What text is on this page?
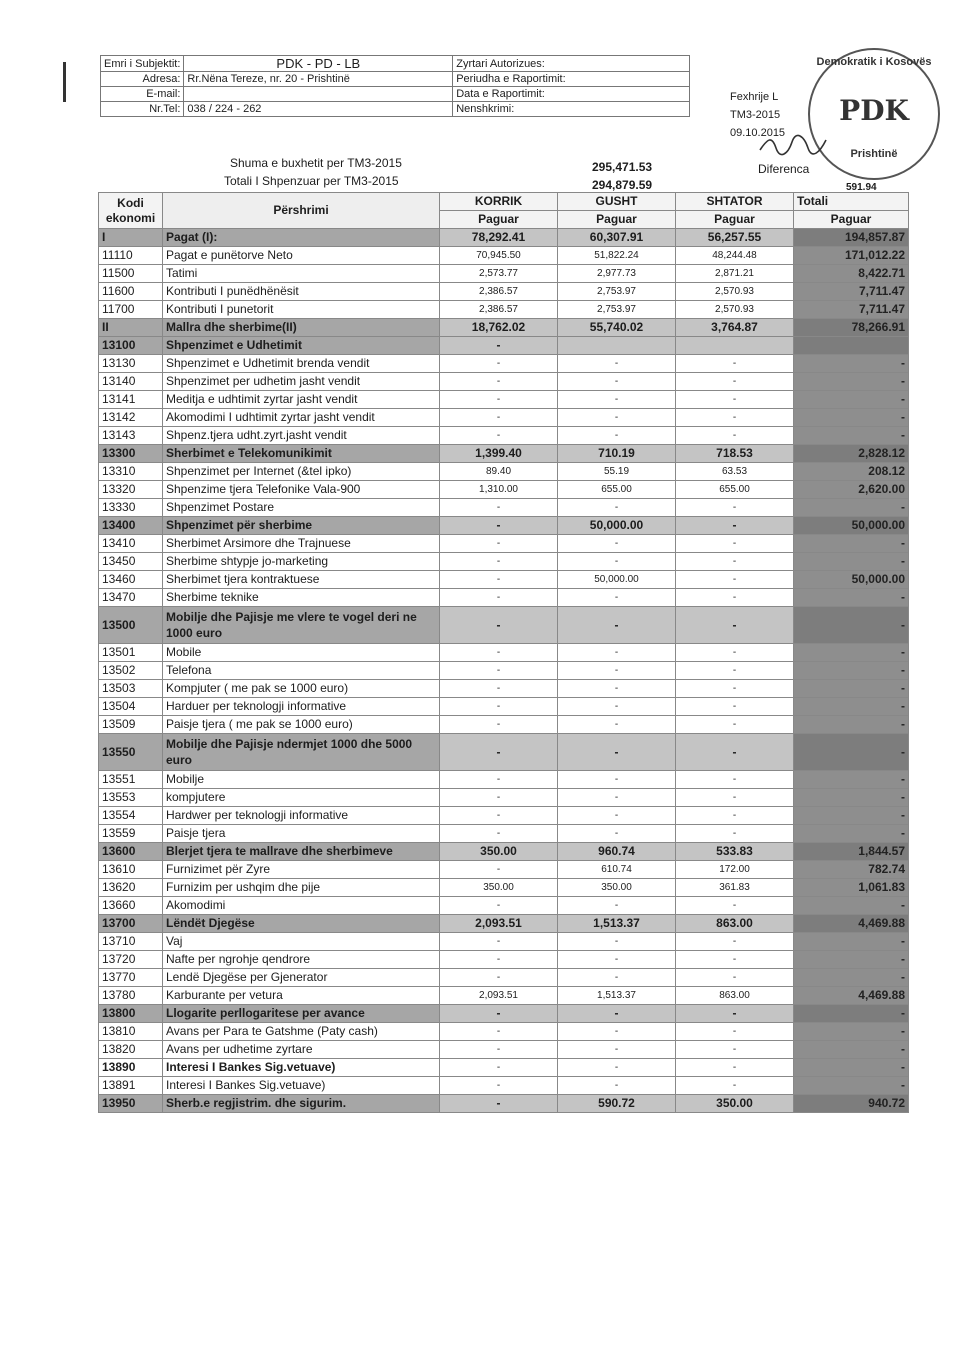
Emri i Subjektit:	PDK - PD - LB	Zyrtari Autorizues:
Adresa:	Rr.Nëna Tereze, nr. 20 - Prishtinë	Periudha e Raportimit:
E-mail:		Data e Raportimit:
Nr.Tel:	038 / 224 - 262	Nenshkrimi:
Fexhrije L
TM3-2015
09.10.2015
Shuma e buxhetit per TM3-2015	295,471.53
Totali I Shpenzuar per TM3-2015	294,879.59
Diferenca
591.94
Demokratik i Kosovës
PDK
Prishtinë
Kodi ekonomi	Përshrimi	KORRIK	GUSHT	SHTATOR	Totali
		Paguar	Paguar	Paguar	Paguar
I	Pagat (I):	78,292.41	60,307.91	56,257.55	194,857.87
11110	Pagat e punëtorve Neto	70,945.50	51,822.24	48,244.48	171,012.22
11500	Tatimi	2,573.77	2,977.73	2,871.21	8,422.71
11600	Kontributi I punëdhënësit	2,386.57	2,753.97	2,570.93	7,711.47
11700	Kontributi I punetorit	2,386.57	2,753.97	2,570.93	7,711.47
II	Mallra dhe sherbime(II)	18,762.02	55,740.02	3,764.87	78,266.91
13100	Shpenzimet e Udhetimit	-			
13130	Shpenzimet e Udhetimit brenda vendit	-	-	-	-
13140	Shpenzimet per udhetim jasht vendit	-	-	-	-
13141	Meditja e udhtimit zyrtar jasht vendit	-	-	-	-
13142	Akomodimi I udhtimit zyrtar jasht vendit	-	-	-	-
13143	Shpenz.tjera udht.zyrt.jasht vendit	-	-	-	-
13300	Sherbimet e Telekomunikimit	1,399.40	710.19	718.53	2,828.12
13310	Shpenzimet per Internet (&tel ipko)	89.40	55.19	63.53	208.12
13320	Shpenzime tjera Telefonike Vala-900	1,310.00	655.00	655.00	2,620.00
13330	Shpenzimet Postare	-	-	-	-
13400	Shpenzimet për sherbime	-	50,000.00	-	50,000.00
13410	Sherbimet Arsimore dhe Trajnuese	-	-	-	-
13450	Sherbime shtypje jo-marketing	-	-	-	-
13460	Sherbimet tjera kontraktuese	-	50,000.00	-	50,000.00
13470	Sherbime teknike	-	-	-	-
13500	Mobilje dhe Pajisje me vlere te vogel deri ne 1000 euro	-	-	-	-
13501	Mobile	-	-	-	-
13502	Telefona	-	-	-	-
13503	Kompjuter ( me pak se 1000 euro)	-	-	-	-
13504	Harduer per teknologji informative	-	-	-	-
13509	Paisje tjera ( me pak se 1000 euro)	-	-	-	-
13550	Mobilje dhe Pajisje ndermjet 1000 dhe 5000 euro	-	-	-	-
13551	Mobilje	-	-	-	-
13553	kompjutere	-	-	-	-
13554	Hardwer per teknologji informative	-	-	-	-
13559	Paisje tjera	-	-	-	-
13600	Blerjet tjera te mallrave dhe sherbimeve	350.00	960.74	533.83	1,844.57
13610	Furnizimet për Zyre	-	610.74	172.00	782.74
13620	Furnizim per ushqim dhe pije	350.00	350.00	361.83	1,061.83
13660	Akomodimi	-	-	-	-
13700	Lëndët Djegëse	2,093.51	1,513.37	863.00	4,469.88
13710	Vaj	-	-	-	-
13720	Nafte per ngrohje qendrore	-	-	-	-
13770	Lendë Djegëse per Gjenerator	-	-	-	-
13780	Karburante per vetura	2,093.51	1,513.37	863.00	4,469.88
13800	Llogarite perllogaritese per avance	-	-	-	-
13810	Avans per Para te Gatshme (Paty cash)	-	-	-	-
13820	Avans per udhetime zyrtare	-	-	-	-
13890	Interesi I Bankes Sig.vetuave)	-	-	-	-
13891	Interesi I Bankes Sig.vetuave)	-	-	-	-
13950	Sherb.e regjistrim. dhe sigurim.	-	590.72	350.00	940.72
